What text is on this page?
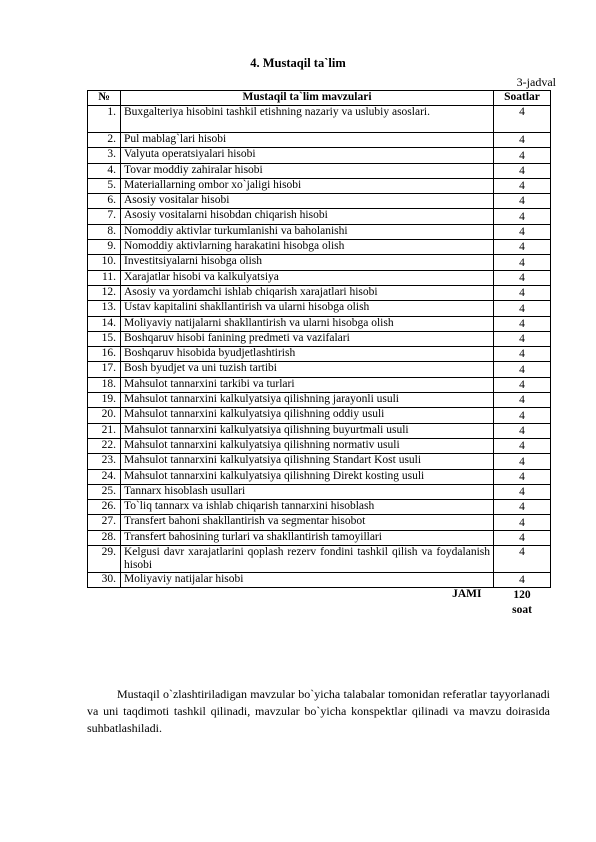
4. Mustaqil ta`lim
3-jadval
№	Mustaqil ta`lim mavzulari	Soatlar
1.	Buxgalteriya hisobini tashkil etishning nazariy va uslubiy asoslari.	4
2.	Pul mablag`lari hisobi	4
3.	Valyuta operatsiyalari hisobi	4
4.	Tovar moddiy zahiralar hisobi	4
5.	Materiallarning ombor xo`jaligi hisobi	4
6.	Asosiy vositalar hisobi	4
7.	Asosiy vositalarni hisobdan chiqarish hisobi	4
8.	Nomoddiy aktivlar turkumlanishi va baholanishi	4
9.	Nomoddiy aktivlarning harakatini hisobga olish	4
10.	Investitsiyalarni hisobga olish	4
11.	Xarajatlar hisobi va kalkulyatsiya	4
12.	Asosiy va yordamchi ishlab chiqarish xarajatlari hisobi	4
13.	Ustav kapitalini shakllantirish va ularni hisobga olish	4
14.	Moliyaviy natijalarni shakllantirish va ularni hisobga olish	4
15.	Boshqaruv hisobi fanining predmeti va vazifalari	4
16.	Boshqaruv hisobida byudjetlashtirish	4
17.	Bosh byudjet va uni tuzish tartibi	4
18.	Mahsulot tannarxini tarkibi va turlari	4
19.	Mahsulot tannarxini kalkulyatsiya qilishning jarayonli usuli	4
20.	Mahsulot tannarxini kalkulyatsiya qilishning oddiy usuli	4
21.	Mahsulot tannarxini kalkulyatsiya qilishning buyurtmali usuli	4
22.	Mahsulot tannarxini kalkulyatsiya qilishning normativ usuli	4
23.	Mahsulot tannarxini kalkulyatsiya qilishning Standart Kost usuli	4
24.	Mahsulot tannarxini kalkulyatsiya qilishning Direkt kosting usuli	4
25.	Tannarx hisoblash usullari	4
26.	To`liq tannarx va ishlab chiqarish tannarxini hisoblash	4
27.	Transfert bahoni shakllantirish va segmentar hisobot	4
28.	Transfert bahosining turlari va shakllantirish tamoyillari	4
29.	Kelgusi davr xarajatlarini qoplash rezerv fondini tashkil qilish va foydalanish hisobi	4
30.	Moliyaviy natijalar hisobi	4
	JAMI	120
soat
Mustaqil o`zlashtiriladigan mavzular bo`yicha talabalar tomonidan referatlar tayyorlanadi va uni taqdimoti tashkil qilinadi, mavzular bo`yicha konspektlar qilinadi va mavzu doirasida suhbatlashiladi.
